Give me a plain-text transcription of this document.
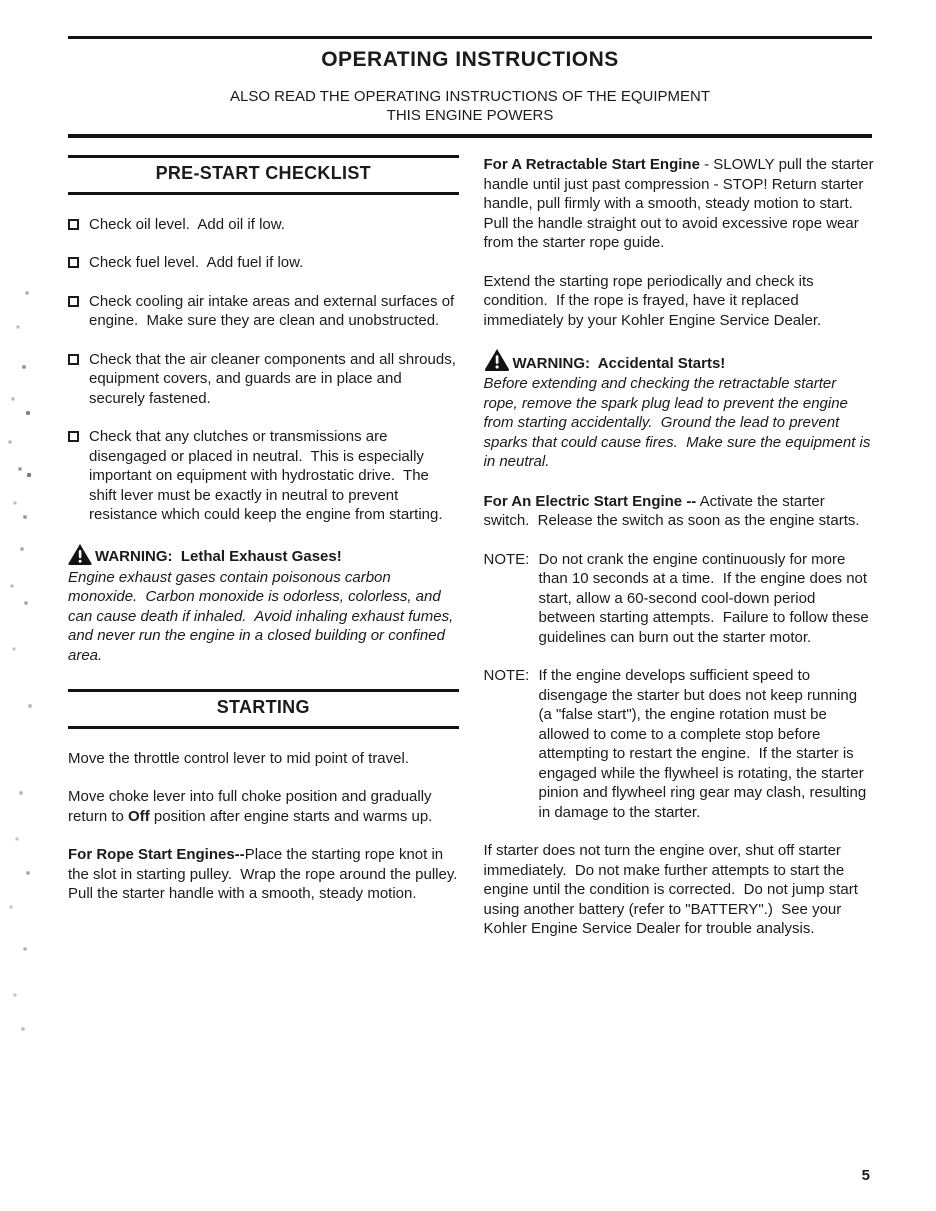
OPERATING INSTRUCTIONS
ALSO READ THE OPERATING INSTRUCTIONS OF THE EQUIPMENT
THIS ENGINE POWERS
PRE-START CHECKLIST
Check oil level.  Add oil if low.
Check fuel level.  Add fuel if low.
Check cooling air intake areas and external surfaces of engine.  Make sure they are clean and unobstructed.
Check that the air cleaner components and all shrouds, equipment covers, and guards are in place and securely fastened.
Check that any clutches or transmissions are disengaged or placed in neutral.  This is especially important on equipment with hydrostatic drive.  The shift lever must be exactly in neutral to prevent resistance which could keep the engine from starting.
WARNING:  Lethal Exhaust Gases!
Engine exhaust gases contain poisonous carbon monoxide.  Carbon monoxide is odorless, colorless, and can cause death if inhaled.  Avoid inhaling exhaust fumes, and never run the engine in a closed building or confined area.
STARTING

Move the throttle control lever to mid point of travel.

Move choke lever into full choke position and gradually return to Off position after engine starts and warms up.

For Rope Start Engines--Place the starting rope knot in the slot in starting pulley.  Wrap the rope around the pulley.  Pull the starter handle with a smooth, steady motion.

For A Retractable Start Engine - SLOWLY pull the starter handle until just past compression - STOP! Return starter handle, pull firmly with a smooth, steady motion to start.  Pull the handle straight out to avoid excessive rope wear from the starter rope guide.

Extend the starting rope periodically and check its condition.  If the rope is frayed, have it replaced immediately by your Kohler Engine Service Dealer.

WARNING:  Accidental Starts!
Before extending and checking the retractable starter rope, remove the spark plug lead to prevent the engine from starting accidentally.  Ground the lead to prevent sparks that could cause fires.  Make sure the equipment is in neutral.

For An Electric Start Engine -- Activate the starter switch.  Release the switch as soon as the engine starts.

NOTE: Do not crank the engine continuously for more than 10 seconds at a time.  If the engine does not start, allow a 60-second cool-down period between starting attempts.  Failure to follow these guidelines can burn out the starter motor.
NOTE: If the engine develops sufficient speed to disengage the starter but does not keep running (a "false start"), the engine rotation must be allowed to come to a complete stop before attempting to restart the engine.  If the starter is engaged while the flywheel is rotating, the starter pinion and flywheel ring gear may clash, resulting in damage to the starter.

If starter does not turn the engine over, shut off starter immediately.  Do not make further attempts to start the engine until the condition is corrected.  Do not jump start using another battery (refer to "BATTERY".)  See your Kohler Engine Service Dealer for trouble analysis.

5
